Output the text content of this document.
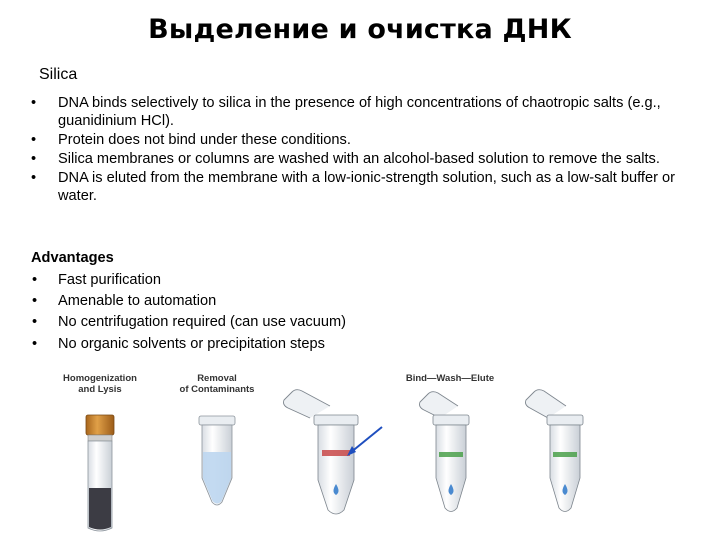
Выделение и очистка ДНК
Silica
• DNA binds selectively to silica in the presence of high concentrations of chaotropic salts (e.g., guanidinium HCl).
• Protein does not bind under these conditions.
• Silica membranes or columns are washed with an alcohol-based solution to remove the salts.
• DNA is eluted from the membrane with a low-ionic-strength solution, such as a low-salt buffer or water.
Advantages
• Fast purification
• Amenable to automation
• No centrifugation required (can use vacuum)
• No organic solvents or precipitation steps
Homogenization
and Lysis
Removal
of Contaminants
Bind—Wash—Elute
